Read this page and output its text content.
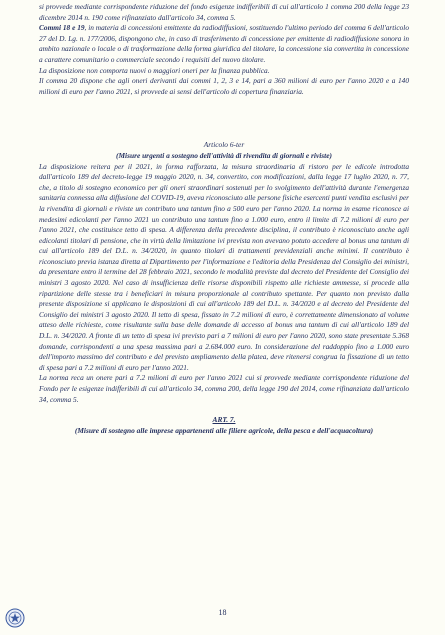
si provvede mediante corrispondente riduzione del fondo esigenze indifferibili di cui all'articolo 1 comma 200 della legge 23 dicembre 2014 n. 190 come rifinanziato dall'articolo 34, comma 5.

Commi 18 e 19, in materia di concessioni emittente da radiodiffusioni, sostituendo l'ultimo periodo del comma 6 dell'articolo 27 del D. Lg. n. 177/2006, dispongono che, in caso di trasferimento di concessione per emittente di radiodiffusione sonora in ambito nazionale o locale o di trasformazione della forma giuridica del titolare, la concessione sia convertita in concessione a carattere comunitario o commerciale secondo i requisiti del nuovo titolare.

La disposizione non comporta nuovi o maggiori oneri per la finanza pubblica.

Il comma 20 dispone che agli oneri derivanti dai commi 1, 2, 3 e 14, pari a 360 milioni di euro per l'anno 2020 e a 140 milioni di euro per l'anno 2021, si provvede ai sensi dell'articolo di copertura finanziaria.

Articolo 6-ter
(Misure urgenti a sostegno dell'attività di rivendita di giornali e riviste)

La disposizione reitera per il 2021, in forma rafforzata, la misura straordinaria di ristoro per le edicole introdotta dall'articolo 189 del decreto-legge 19 maggio 2020, n. 34, convertito, con modificazioni, dalla legge 17 luglio 2020, n. 77, che, a titolo di sostegno economico per gli oneri straordinari sostenuti per lo svolgimento dell'attività durante l'emergenza sanitaria connessa alla diffusione del COVID-19, aveva riconosciuto alle persone fisiche esercenti punti vendita esclusivi per la rivendita di giornali e riviste un contributo una tantum fino a 500 euro per l'anno 2020. La norma in esame riconosce ai medesimi edicolanti per l'anno 2021 un contributo una tantum fino a 1.000 euro, entro il limite di 7.2 milioni di euro per l'anno 2021, che costituisce tetto di spesa. A differenza della precedente disciplina, il contributo è riconosciuto anche agli edicolanti titolari di pensione, che in virtù della limitazione ivi prevista non avevano potuto accedere al bonus una tantum di cui all'articolo 189 del D.L. n. 34/2020, in quanto titolari di trattamenti previdenziali anche minimi. Il contributo è riconosciuto previa istanza diretta al Dipartimento per l'informazione e l'editoria della Presidenza del Consiglio dei ministri, da presentare entro il termine del 28 febbraio 2021, secondo le modalità previste dal decreto del Presidente del Consiglio dei ministri 3 agosto 2020. Nel caso di insufficienza delle risorse disponibili rispetto alle richieste ammesse, si procede alla ripartizione delle stesse tra i beneficiari in misura proporzionale al contributo spettante. Per quanto non previsto dalla presente disposizione si applicano le disposizioni di cui all'articolo 189 del D.L. n. 34/2020 e al decreto del Presidente del Consiglio dei ministri 3 agosto 2020. Il tetto di spesa, fissato in 7.2 milioni di euro, è correttamente dimensionato al volume atteso delle richieste, come risultante sulla base delle domande di accesso al bonus una tantum di cui all'articolo 189 del D.L. n. 34/2020. A fronte di un tetto di spesa ivi previsto pari a 7 milioni di euro per l'anno 2020, sono state presentate 5.368 domande, corrispondenti a una spesa massima pari a 2.684.000 euro. In considerazione del raddoppio fino a 1.000 euro dell'importo massimo del contributo e del previsto ampliamento della platea, deve ritenersi congrua la fissazione di un tetto di spesa pari a 7.2 milioni di euro per l'anno 2021.

La norma reca un onere pari a 7.2 milioni di euro per l'anno 2021 cui si provvede mediante corrispondente riduzione del Fondo per le esigenze indifferibili di cui all'articolo 34, comma 200, della legge 190 del 2014, come rifinanziata dall'articolo 34, comma 5.

ART. 7.
(Misure di sostegno alle imprese appartenenti alle filiere agricole, della pesca e dell'acquacoltura)
18
